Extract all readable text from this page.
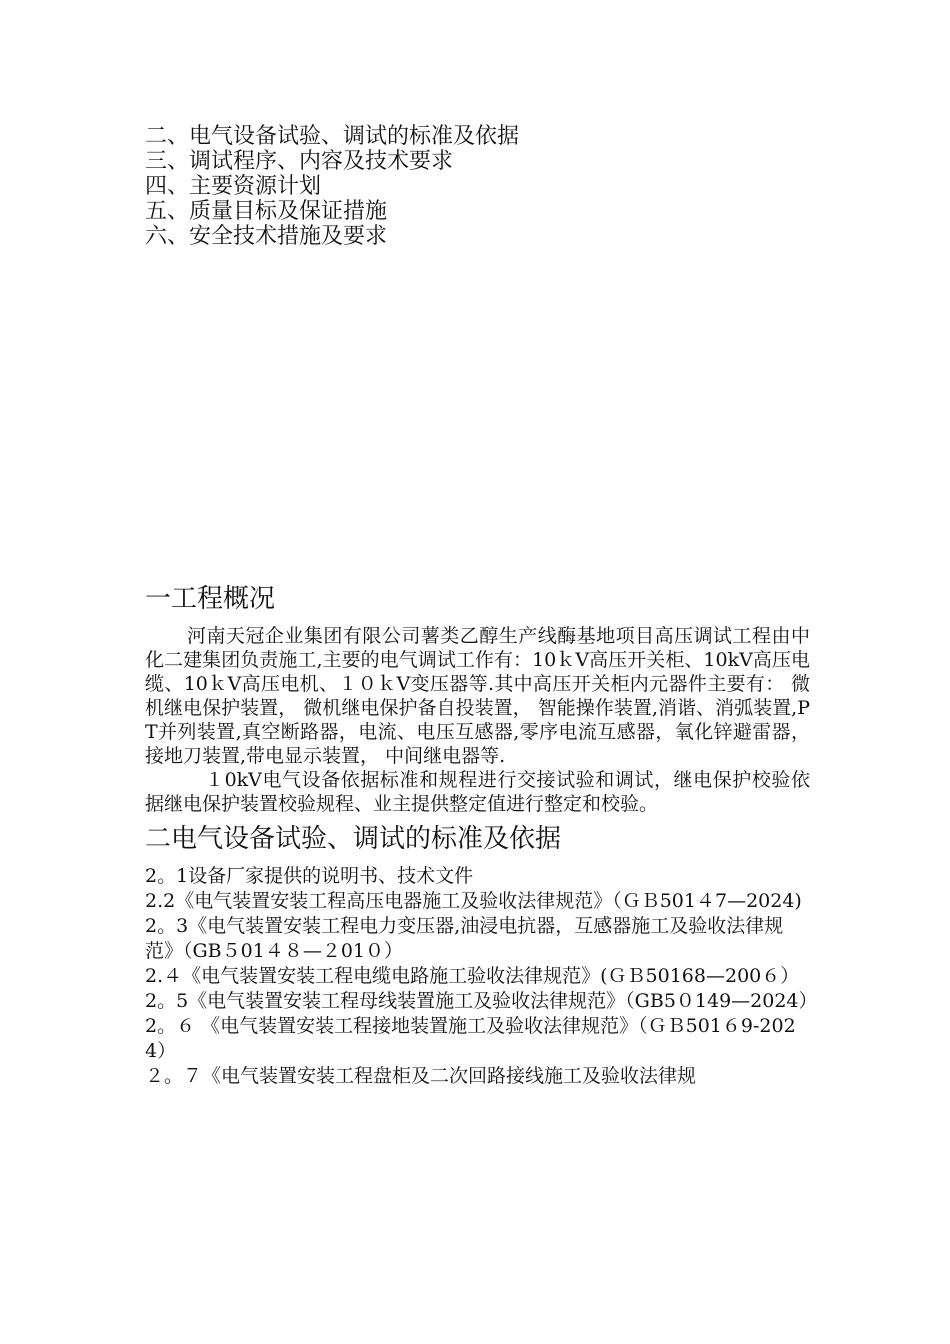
二、电气设备试验、调试的标准及依据
三、调试程序、内容及技术要求
四、主要资源计划
五、质量目标及保证措施
六、安全技术措施及要求
一工程概况

河南天冠企业集团有限公司薯类乙醇生产线酶基地项目高压调试工程由中化二建集团负责施工,主要的电气调试工作有：10ｋⅤ高压开关柜、10kV高压电缆、10ｋⅤ高压电机、１０ｋⅤ变压器等.其中高压开关柜内元器件主要有： 微机继电保护装置， 微机继电保护备自投装置， 智能操作装置,消谐、消弧装置,PT并列装置,真空断路器，电流、电压互感器,零序电流互感器，氧化锌避雷器，接地刀装置,带电显示装置， 中间继电器等.

１0kV电气设备依据标准和规程进行交接试验和调试，继电保护校验依据继电保护装置校验规程、业主提供整定值进行整定和校验。

二电气设备试验、调试的标准及依据

2。1设备厂家提供的说明书、技术文件

2.2《电气装置安装工程高压电器施工及验收法律规范》（ＧＢ501４7—2024)

2。3《电气装置安装工程电力变压器,油浸电抗器，互感器施工及验收法律规范》（GB５01４８—２01０）

2.４《电气装置安装工程电缆电路施工验收法律规范》(ＧＢ50168—200６）

2。5《电气装置安装工程母线装置施工及验收法律规范》（GB5０149—2024）

2。６ 《电气装置安装工程接地装置施工及验收法律规范》（ＧＢ501６9-2024）

２。７《电气装置安装工程盘柜及二次回路接线施工及验收法律规
